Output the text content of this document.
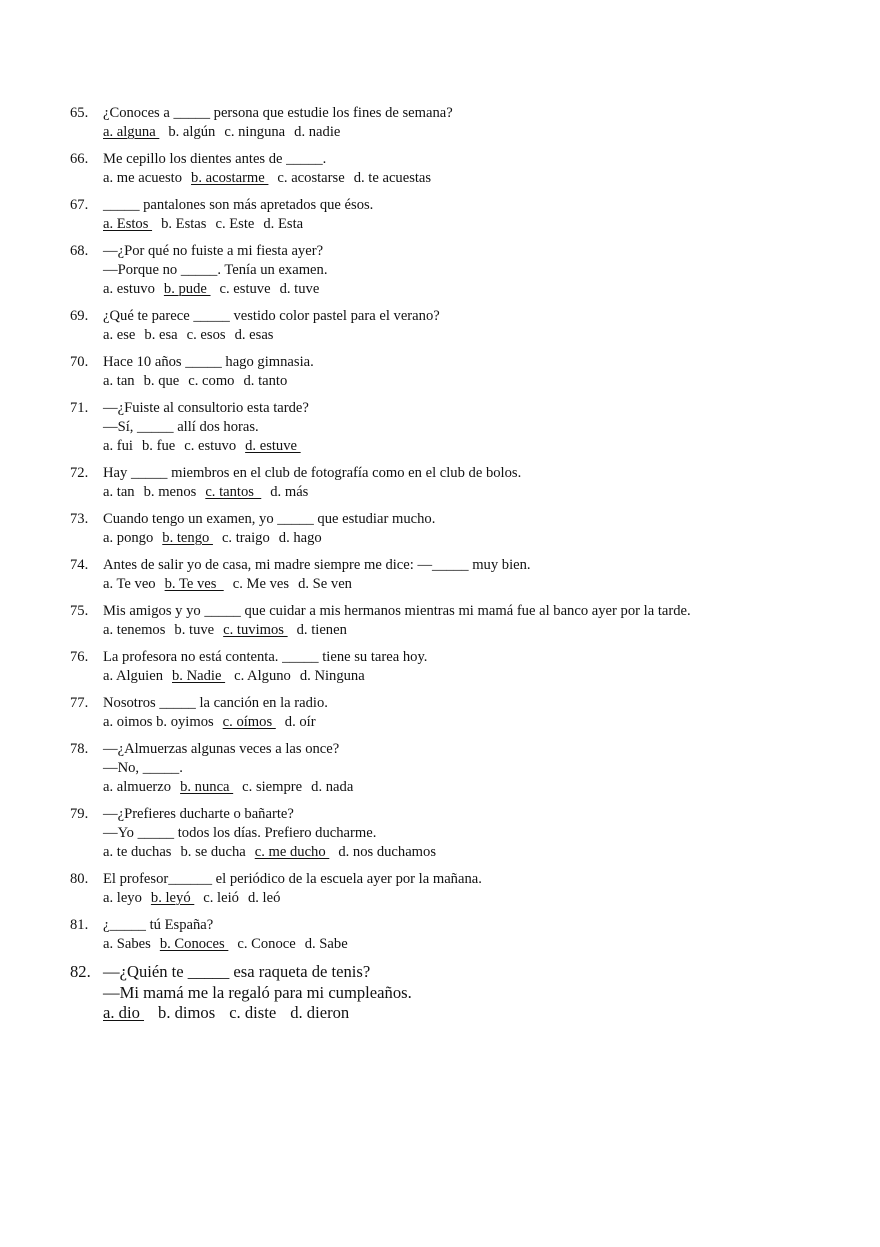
65.	¿Conoces a _____ persona que estudie los fines de semana?
a. alguna b. algún c. ninguna d. nadie
66.	Me cepillo los dientes antes de _____.
a. me acuesto b. acostarme c. acostarse d. te acuestas
67.	_____ pantalones son más apretados que ésos.
a. Estos b. Estas c. Este d. Esta
68.	—¿Por qué no fuiste a mi fiesta ayer?
—Porque no _____. Tenía un examen.
a. estuvo b. pude c. estuve d. tuve
69.	¿Qué te parece _____ vestido color pastel para el verano?
a. ese b. esa c. esos d. esas
70.	Hace 10 años _____ hago gimnasia.
a. tan b. que c. como d. tanto
71.	—¿Fuiste al consultorio esta tarde?
—Sí, _____ allí dos horas.
a. fui b. fue c. estuvo d. estuve
72.	Hay _____ miembros en el club de fotografía como en el club de bolos.
a. tan b. menos c. tantos  d. más
73.	Cuando tengo un examen, yo _____ que estudiar mucho.
a. pongo b. tengo c. traigo d. hago
74.	Antes de salir yo de casa, mi madre siempre me dice: —_____ muy bien.
a. Te veo b. Te ves  c. Me ves d. Se ven
75.	Mis amigos y yo _____ que cuidar a mis hermanos mientras mi mamá fue al banco ayer por la tarde.
a. tenemos b. tuve c. tuvimos d. tienen
76.	La profesora no está contenta. _____ tiene su tarea hoy.
a. Alguien b. Nadie c. Alguno d. Ninguna
77.	Nosotros _____ la canción en la radio.
a. oimos b. oyimos c. oímos d. oír
78.	—¿Almuerzas algunas veces a las once?
—No, _____.
a. almuerzo b. nunca c. siempre d. nada
79.	—¿Prefieres ducharte o bañarte?
—Yo _____ todos los días. Prefiero ducharme.
a. te duchas b. se ducha c. me ducho d. nos duchamos
80.	El profesor______ el periódico de la escuela ayer por la mañana.
a. leyo b. leyó c. leió d. leó
81.	¿_____ tú España?
a. Sabes b. Conoces c. Conoce d. Sabe
82. —¿Quién te _____ esa raqueta de tenis?
—Mi mamá me la regaló para mi cumpleaños.
a. dio b. dimos c. diste d. dieron
